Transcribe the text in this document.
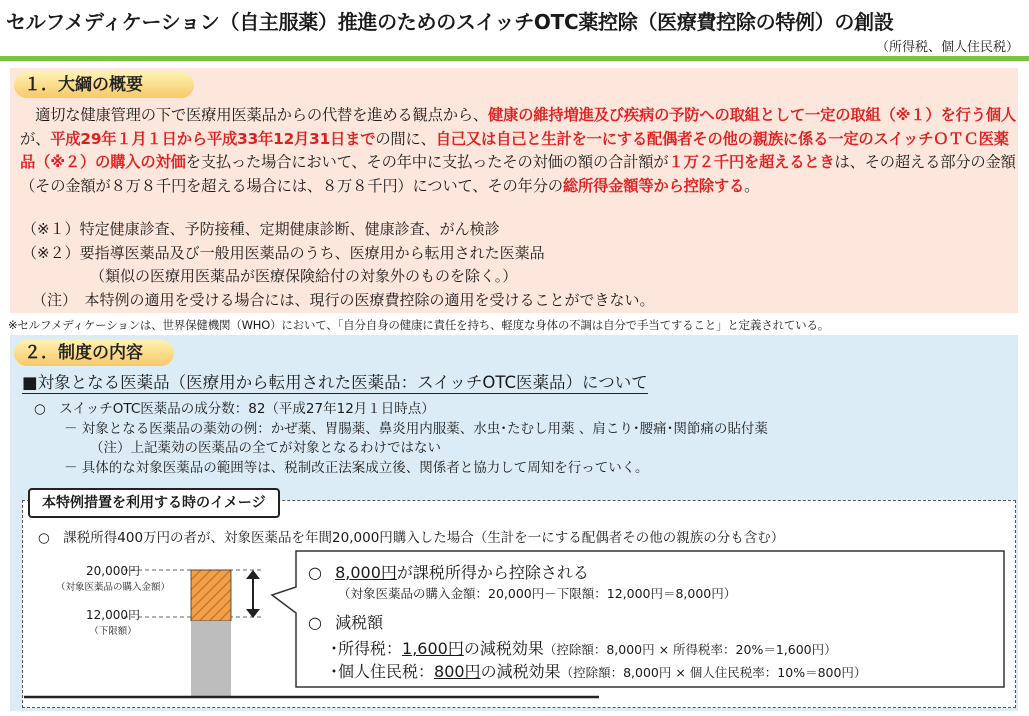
セルフメディケーション（自主服薬）推進のためのスイッチOTC薬控除（医療費控除の特例）の創設
（所得税、個人住民税）
１．大綱の概要
　適切な健康管理の下で医療用医薬品からの代替を進める観点から、健康の維持増進及び疾病の予防への取組として一定の取組（※１）を行う個人が、平成29年１月１日から平成33年12月31日までの間に、自己又は自己と生計を一にする配偶者その他の親族に係る一定のスイッチＯＴＣ医薬品（※２）の購入の対価を支払った場合において、その年中に支払ったその対価の額の合計額が１万２千円を超えるときは、その超える部分の金額（その金額が８万８千円を超える場合には、８万８千円）について、その年分の総所得金額等から控除する。
（※１）特定健康診査、予防接種、定期健康診断、健康診査、がん検診
（※２）要指導医薬品及び一般用医薬品のうち、医療用から転用された医薬品
（類似の医療用医薬品が医療保険給付の対象外のものを除く。）
（注）　本特例の適用を受ける場合には、現行の医療費控除の適用を受けることができない。
※セルフメディケーションは、世界保健機関（WHO）において、「自分自身の健康に責任を持ち、軽度な身体の不調は自分で手当てすること」と定義されている。
２．制度の内容
■対象となる医薬品（医療用から転用された医薬品：スイッチOTC医薬品）について
○　スイッチOTC医薬品の成分数：82（平成27年12月１日時点）
－ 対象となる医薬品の薬効の例：かぜ薬、胃腸薬、鼻炎用内服薬、水虫･たむし用薬 、肩こり･腰痛･関節痛の貼付薬
（注）上記薬効の医薬品の全てが対象となるわけではない
－ 具体的な対象医薬品の範囲等は、税制改正法案成立後、関係者と協力して周知を行っていく。
本特例措置を利用する時のイメージ
○　課税所得400万円の者が、対象医薬品を年間20,000円購入した場合（生計を一にする配偶者その他の親族の分も含む）
20,000円
（対象医薬品の購入金額）
12,000円
（下限額）
○ 8,000円が課税所得から控除される
（対象医薬品の購入金額：20,000円－下限額：12,000円＝8,000円）
○ 減税額
･所得税：1,600円の減税効果（控除額：8,000円 × 所得税率：20%＝1,600円）
･個人住民税：800円の減税効果（控除額：8,000円 × 個人住民税率：10%＝800円）
